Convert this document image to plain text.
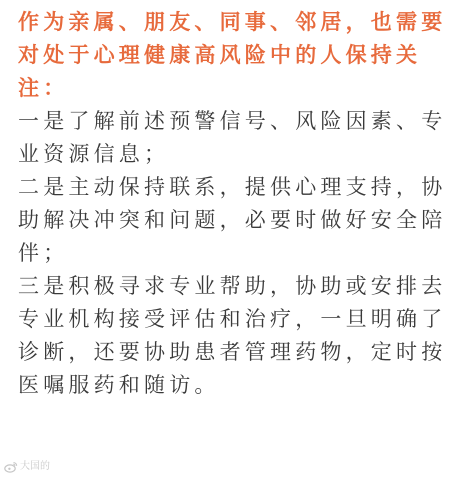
作为亲属、朋友、同事、邻居，也需要对处于心理健康高风险中的人保持关注：

一是了解前述预警信号、风险因素、专业资源信息；

二是主动保持联系，提供心理支持，协助解决冲突和问题，必要时做好安全陪伴；

三是积极寻求专业帮助，协助或安排去专业机构接受评估和治疗，一旦明确了诊断，还要协助患者管理药物，定时按医嘱服药和随访。

大国的
